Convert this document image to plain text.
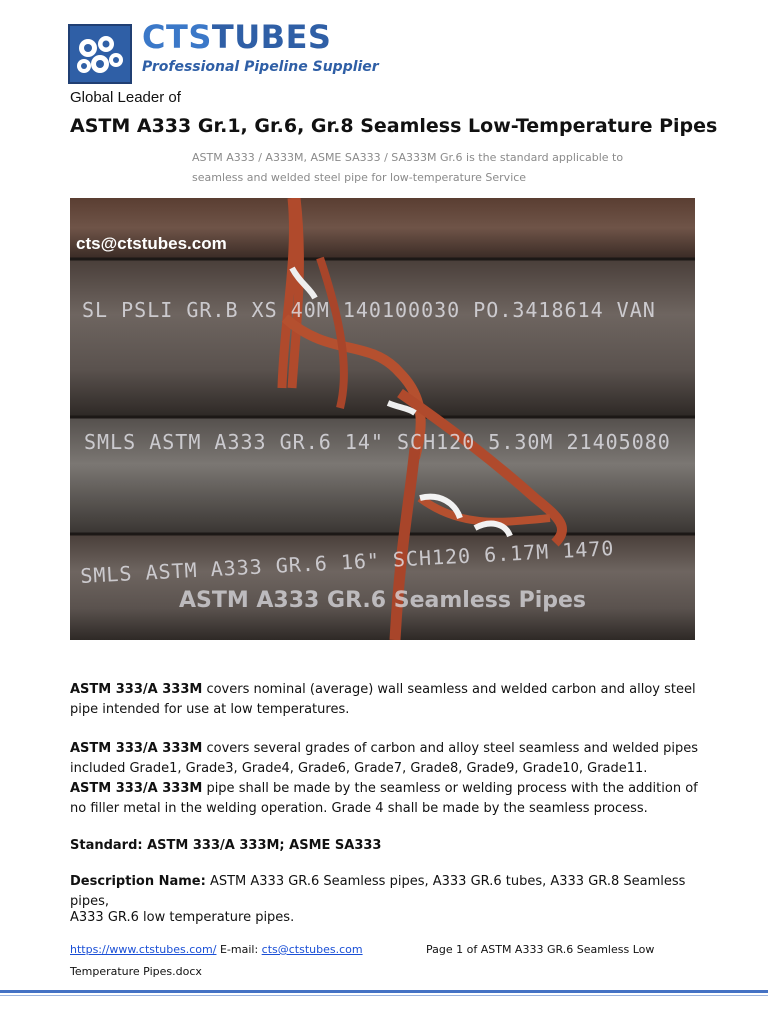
CTSTUBES
Professional Pipeline Supplier
Global Leader of
ASTM A333 Gr.1, Gr.6, Gr.8 Seamless Low-Temperature Pipes
ASTM A333 / A333M, ASME SA333 / SA333M Gr.6 is the standard applicable to seamless and welded steel pipe for low-temperature Service
cts@ctstubes.com
SL PSLI GR.B XS 40M 140100030 PO.3418614 VAN
SMLS ASTM A333 GR.6 14" SCH120 5.30M 21405080
SMLS ASTM A333 GR.6 16" SCH120 6.17M 1470
ASTM A333 GR.6 Seamless Pipes
ASTM 333/A 333M covers nominal (average) wall seamless and welded carbon and alloy steel pipe intended for use at low temperatures.
ASTM 333/A 333M covers several grades of carbon and alloy steel seamless and welded pipes included Grade1, Grade3, Grade4, Grade6, Grade7, Grade8, Grade9, Grade10, Grade11.
ASTM 333/A 333M pipe shall be made by the seamless or welding process with the addition of no filler metal in the welding operation. Grade 4 shall be made by the seamless process.
Standard: ASTM 333/A 333M; ASME SA333
Description Name: ASTM A333 GR.6 Seamless pipes, A333 GR.6 tubes, A333 GR.8 Seamless pipes,
A333 GR.6 low temperature pipes.
https://www.ctstubes.com/ E-mail: cts@ctstubes.com	Page 1 of ASTM A333 GR.6 Seamless Low
Temperature Pipes.docx
